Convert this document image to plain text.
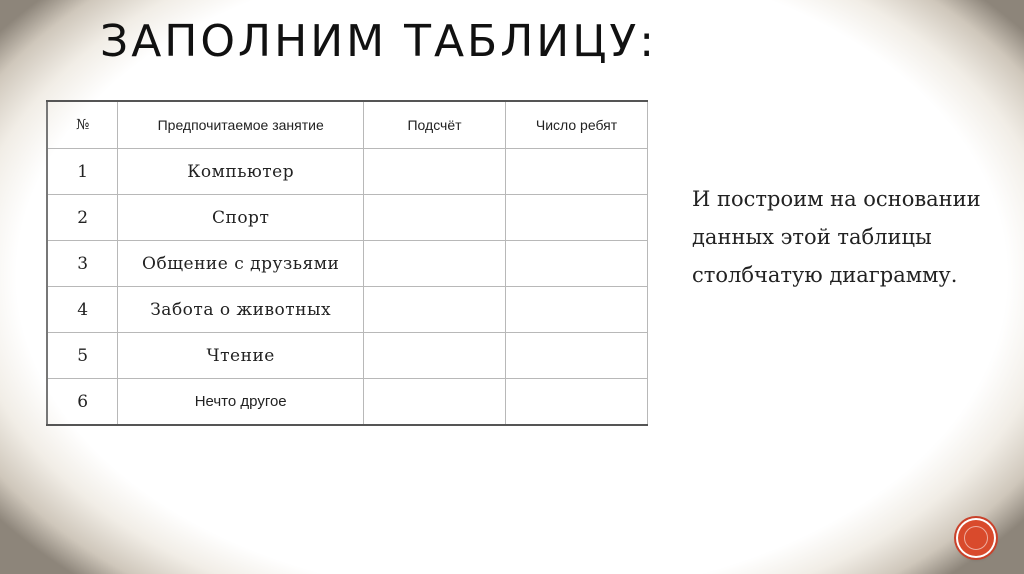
ЗАПОЛНИМ ТАБЛИЦУ:
№	Предпочитаемое занятие	Подсчёт	Число ребят
1	Компьютер		
2	Спорт		
3	Общение с друзьями		
4	Забота о животных		
5	Чтение		
6	Нечто другое		
И построим на основании данных этой таблицы столбчатую диаграмму.
